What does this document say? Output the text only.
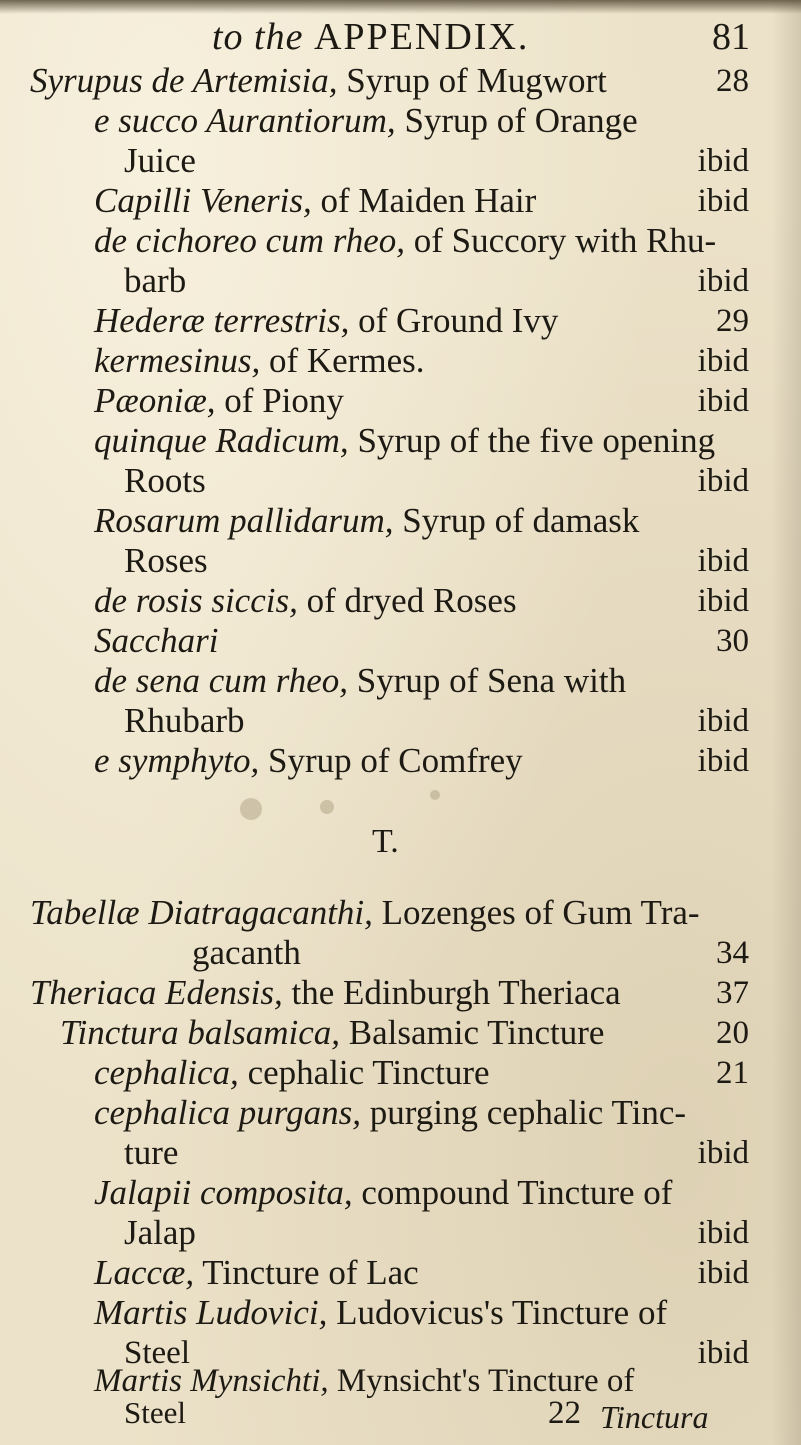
to the APPENDIX.	81
Syrupus de Artemisia, Syrup of Mugwort	28
e succo Aurantiorum, Syrup of Orange
Juice	ibid
Capilli Veneris, of Maiden Hair	ibid
de cichoreo cum rheo, of Succory with Rhu-
barb	ibid
Hederæ terrestris, of Ground Ivy	29
kermesinus, of Kermes.	ibid
Pæoniæ, of Piony	ibid
quinque Radicum, Syrup of the five opening
Roots	ibid
Rosarum pallidarum, Syrup of damask
Roses	ibid
de rosis siccis, of dryed Roses	ibid
Sacchari	30
de sena cum rheo, Syrup of Sena with
Rhubarb	ibid
e symphyto, Syrup of Comfrey	ibid
T.
Tabellæ Diatragacanthi, Lozenges of Gum Tra-
gacanth	34
Theriaca Edensis, the Edinburgh Theriaca	37
Tinctura balsamica, Balsamic Tincture	20
cephalica, cephalic Tincture	21
cephalica purgans, purging cephalic Tinc-
ture	ibid
Jalapii composita, compound Tincture of
Jalap	ibid
Laccæ, Tincture of Lac	ibid
Martis Ludovici, Ludovicus's Tincture of
Steel	ibid
Martis Mynsichti, Mynsicht's Tincture of
Steel	22 Tinctura
